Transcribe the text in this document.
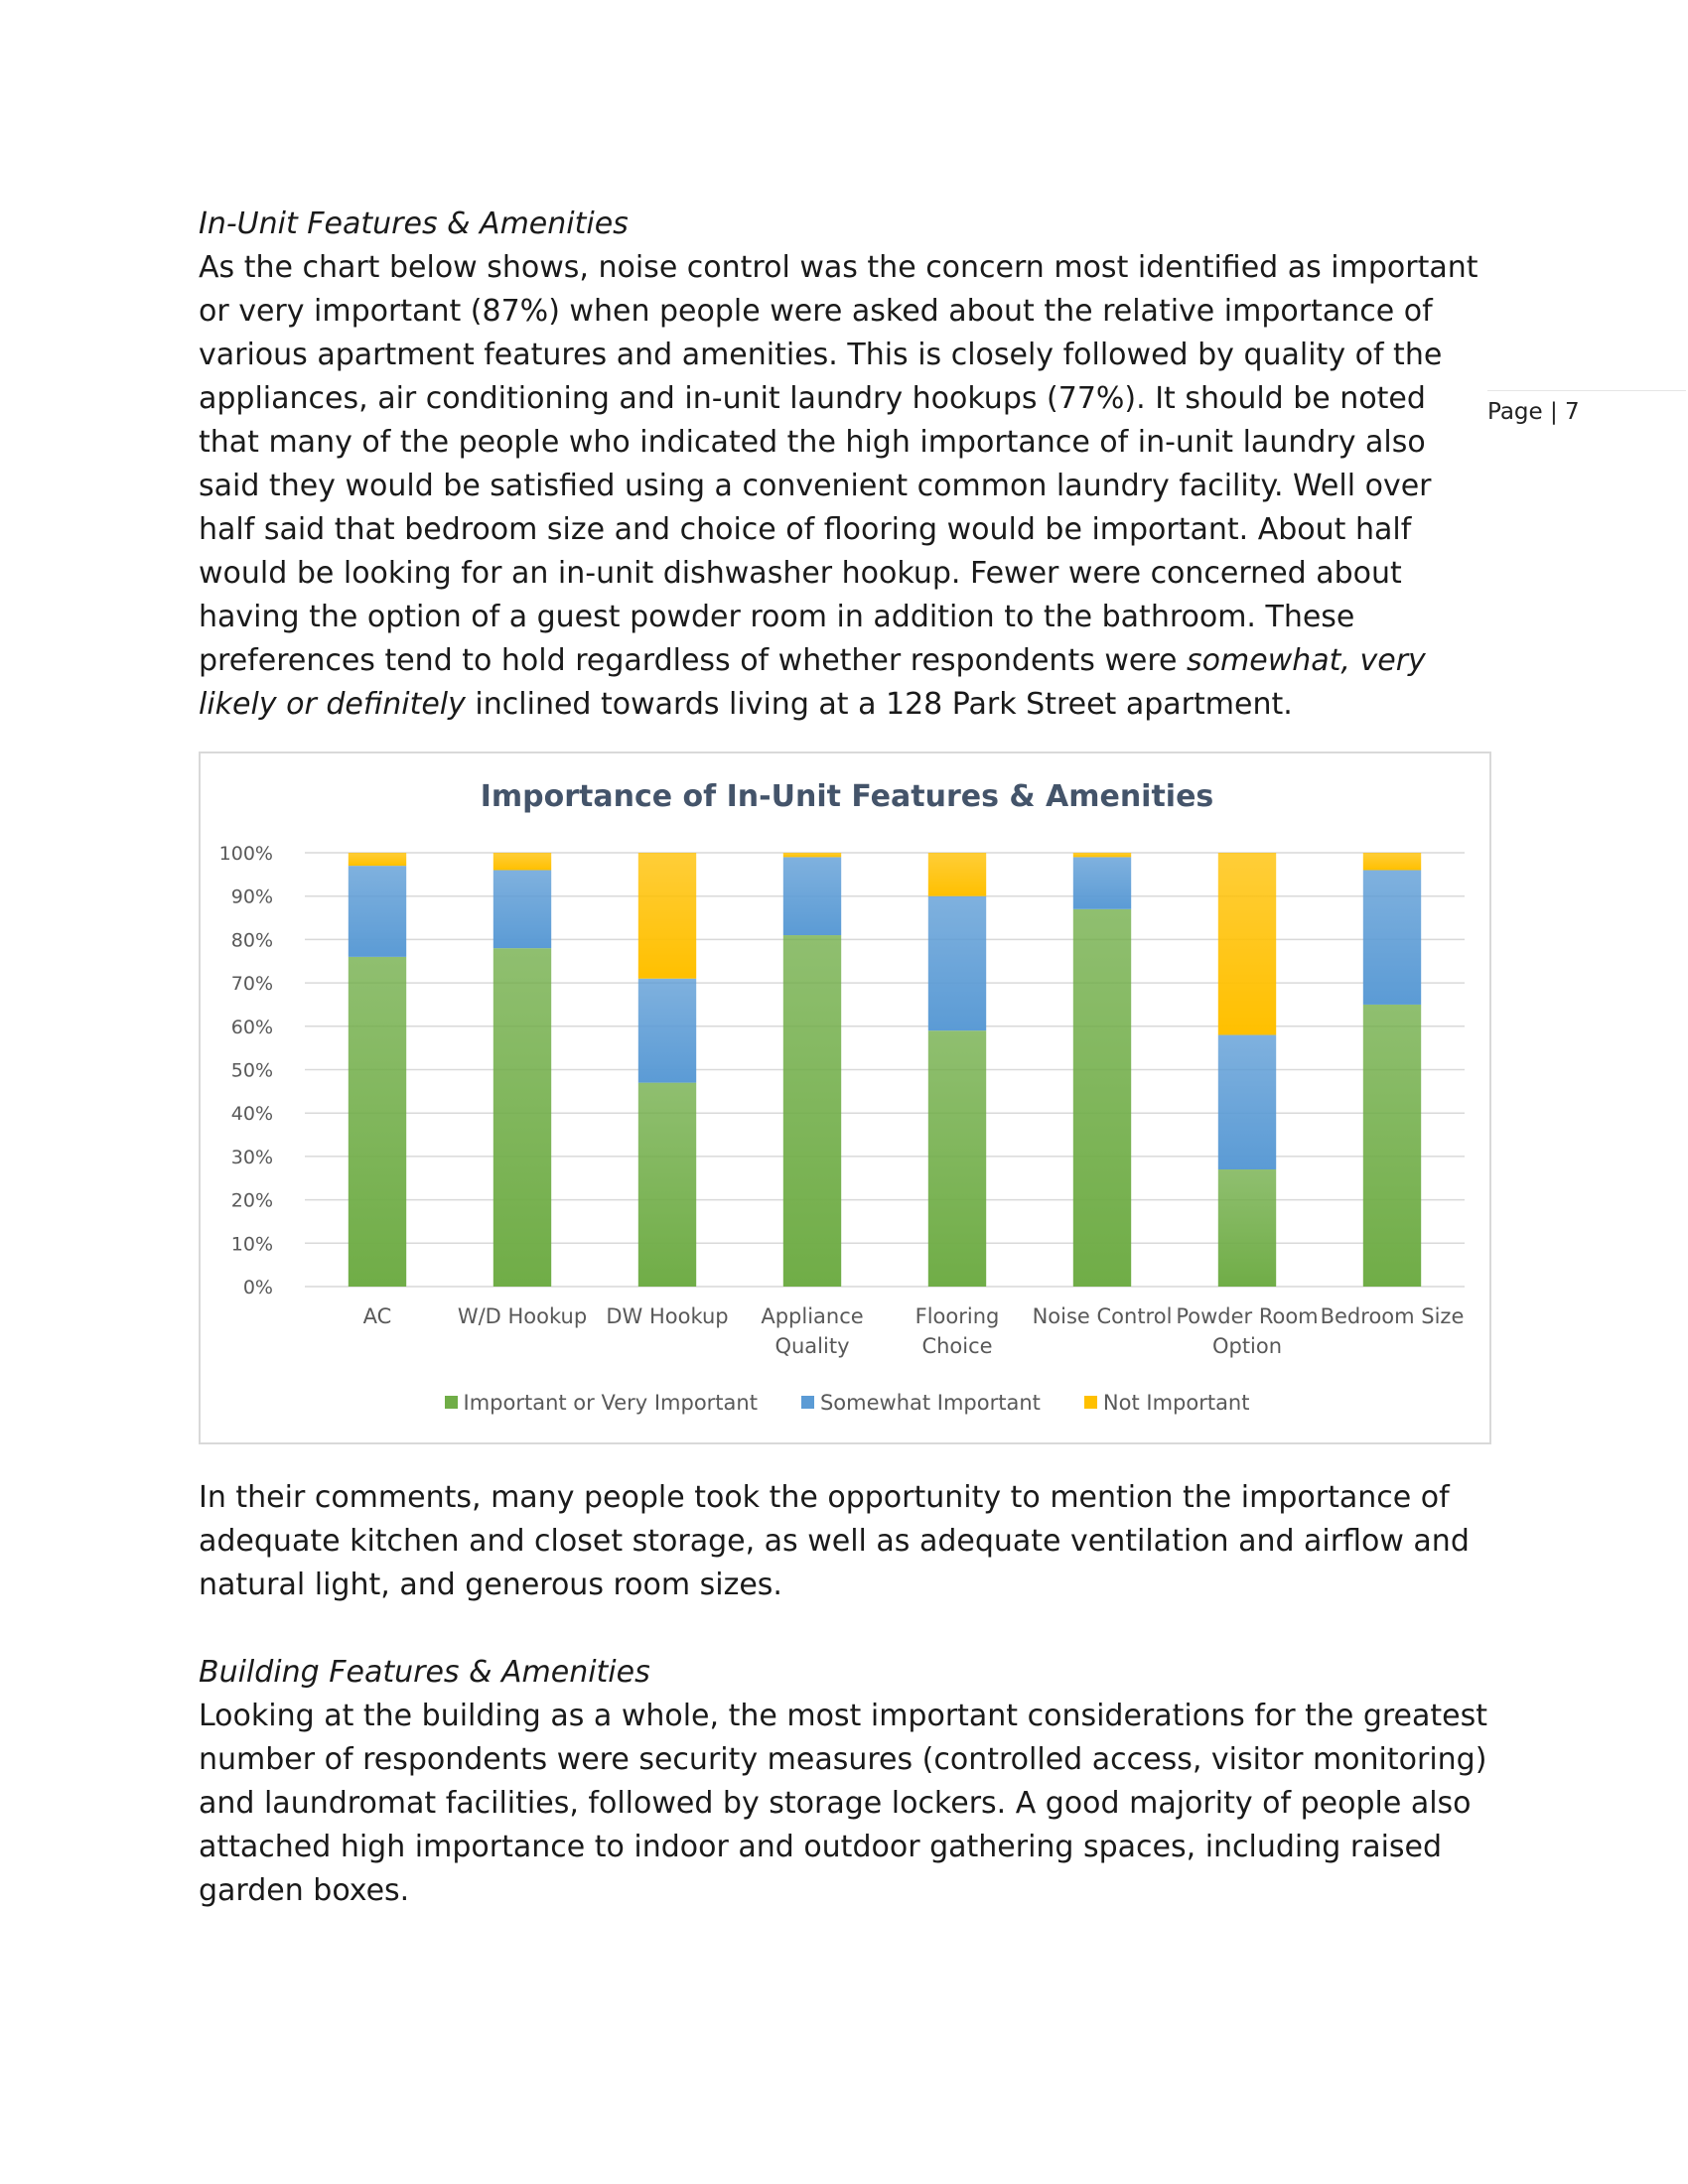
Page | 7
In-Unit Features & Amenities

As the chart below shows, noise control was the concern most identified as important or very important (87%) when people were asked about the relative importance of various apartment features and amenities. This is closely followed by quality of the appliances, air conditioning and in-unit laundry hookups (77%). It should be noted that many of the people who indicated the high importance of in-unit laundry also said they would be satisfied using a convenient common laundry facility. Well over half said that bedroom size and choice of flooring would be important. About half would be looking for an in-unit dishwasher hookup. Fewer were concerned about having the option of a guest powder room in addition to the bathroom. These preferences tend to hold regardless of whether respondents were somewhat, very likely or definitely inclined towards living at a 128 Park Street apartment.

Importance of In-Unit Features & Amenities
0%
10%
20%
30%
40%
50%
60%
70%
80%
90%
100%
AC	W/D Hookup DW Hookup Appliance
Quality
Flooring
Choice
Noise Control Powder Room
Option
Bedroom Size
Important or Very Important	Somewhat Important	Not Important

In their comments, many people took the opportunity to mention the importance of adequate kitchen and closet storage, as well as adequate ventilation and airflow and natural light, and generous room sizes.

Building Features & Amenities

Looking at the building as a whole, the most important considerations for the greatest number of respondents were security measures (controlled access, visitor monitoring) and laundromat facilities, followed by storage lockers. A good majority of people also attached high importance to indoor and outdoor gathering spaces, including raised garden boxes.
